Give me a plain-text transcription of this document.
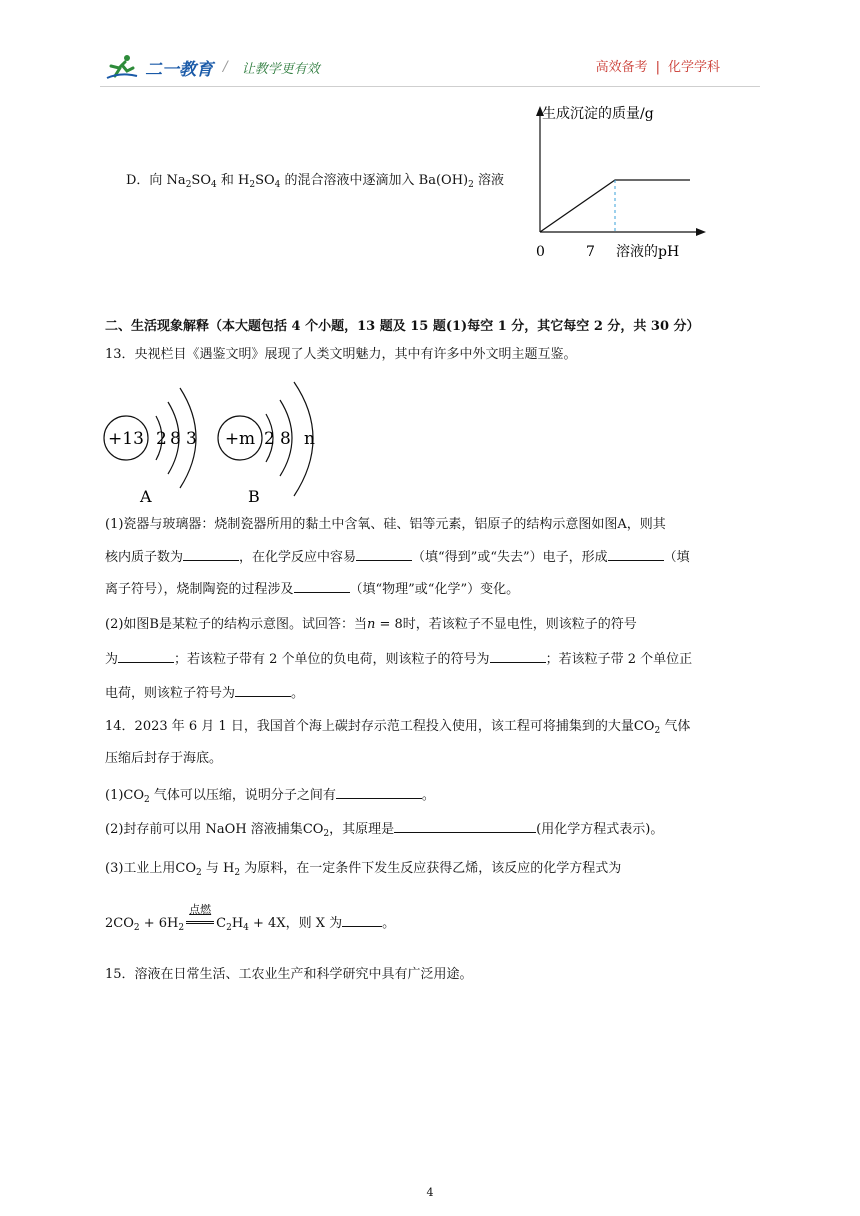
二一教育 / 让教学更有效	高效备考 | 化学学科
D．向 $Na_2SO_4$ 和 $H_2SO_4$ 的混合溶液中逐滴加入 $Ba(OH)_2$ 溶液
生成沉淀的质量/g
0	7 溶液的pH
二、生活现象解释（本大题包括 4 个小题，13 题及 15 题(1)每空 1 分，其它每空 2 分，共 30 分）
13．央视栏目《遇鉴文明》展现了人类文明魅力，其中有许多中外文明主题互鉴。
+13 2 8 3
A
+m 2 8 n
B
(1)瓷器与玻璃器：烧制瓷器所用的黏土中含氧、硅、铝等元素，铝原子的结构示意图如图A，则其
核内质子数为	，在化学反应中容易	（填“得到”或“失去”）电子，形成	（填
离子符号），烧制陶瓷的过程涉及	（填“物理”或“化学”）变化。
(2)如图B是某粒子的结构示意图。试回答：当n = 8时，若该粒子不显电性，则该粒子的符号
为	；若该粒子带有 2 个单位的负电荷，则该粒子的符号为	；若该粒子带 2 个单位正
电荷，则该粒子符号为	。
14．2023 年 6 月 1 日，我国首个海上碳封存示范工程投入使用，该工程可将捕集到的大量$CO_2$ 气体
压缩后封存于海底。
$(1)CO_2$ 气体可以压缩，说明分子之间有	。
(2)封存前可以用 NaOH 溶液捕集$CO_2$，其原理是	(用化学方程式表示)。
(3)工业上用$CO_2$ 与 $H_2$ 为原料，在一定条件下发生反应获得乙烯，该反应的化学方程式为
$2CO_2 + 6H_2$
点燃
$C_2H_4 + 4X$，则 X 为	。
15．溶液在日常生活、工农业生产和科学研究中具有广泛用途。
4
